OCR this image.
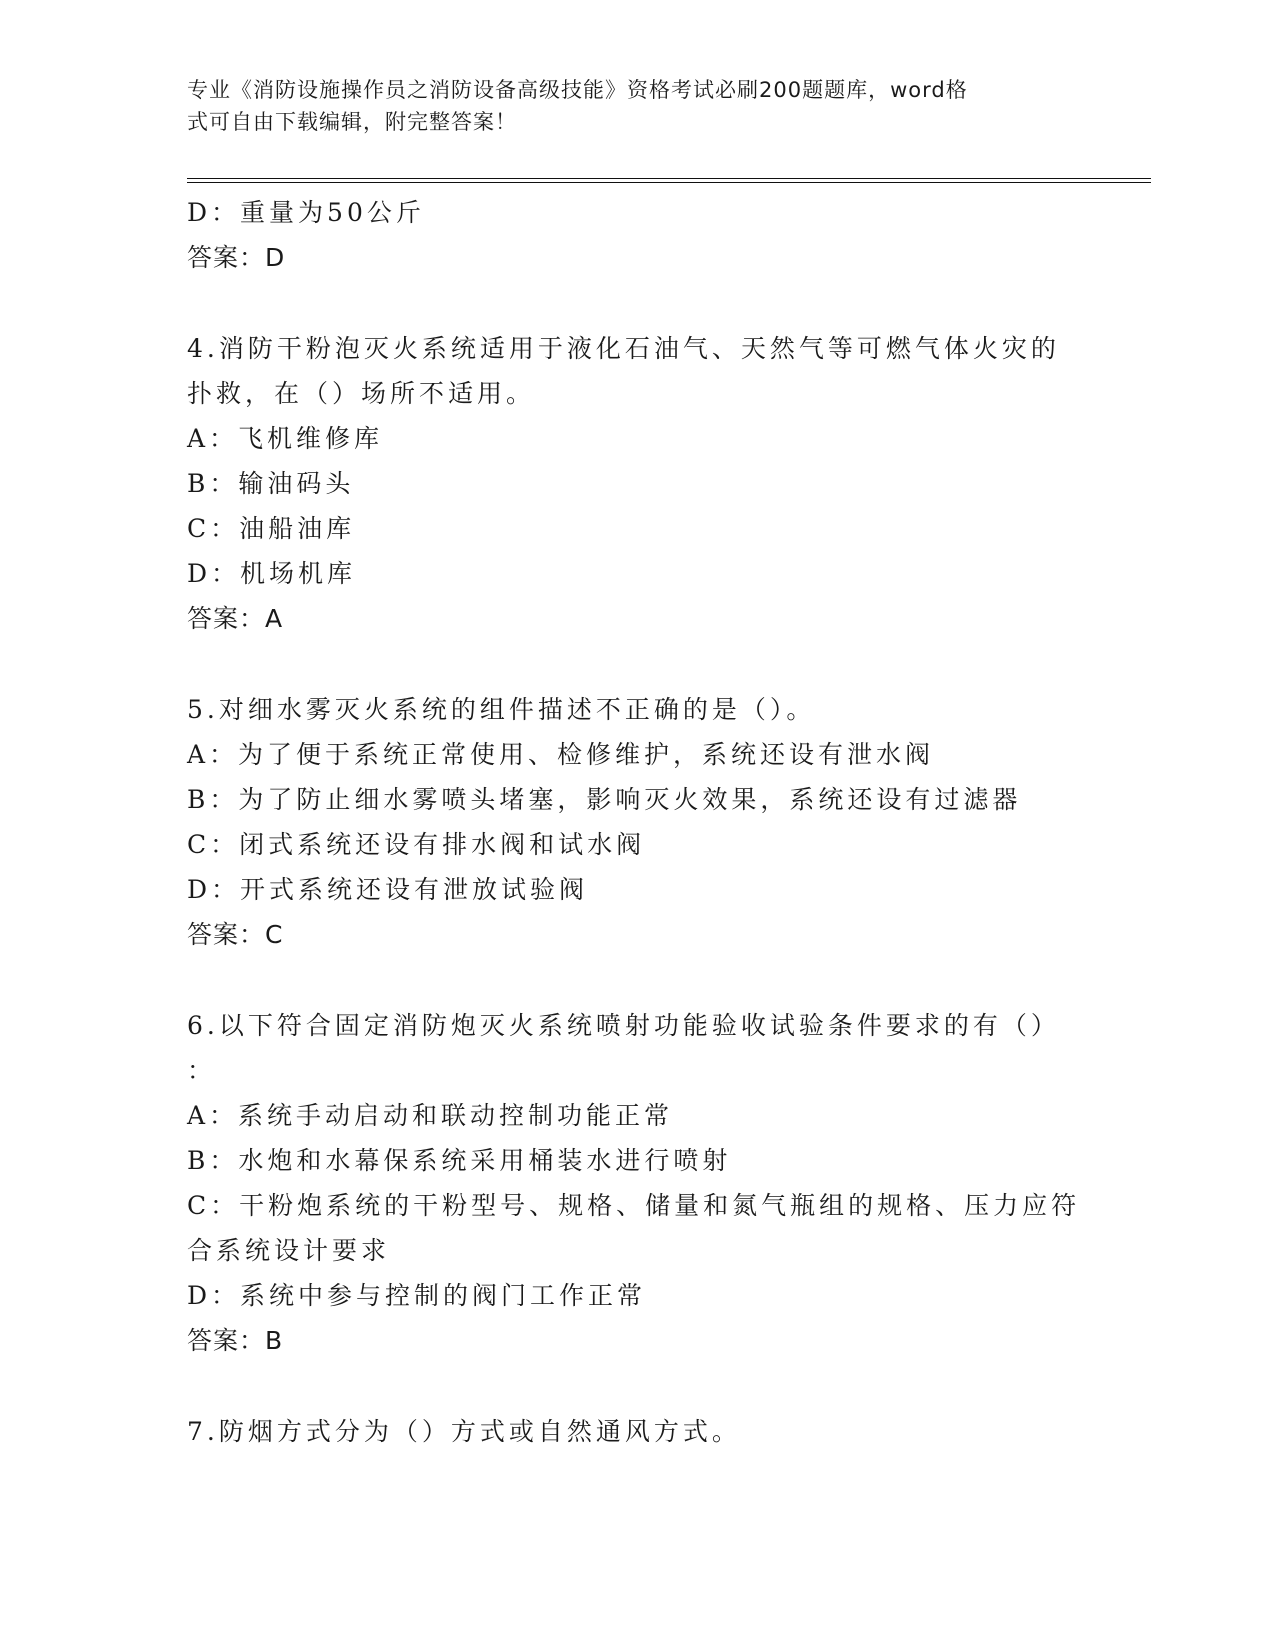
专业《消防设施操作员之消防设备高级技能》资格考试必刷200题题库，word格
式可自由下载编辑，附完整答案！
D：重量为50公斤
答案：D
4.消防干粉泡灭火系统适用于液化石油气、天然气等可燃气体火灾的
扑救，在（）场所不适用。
A：飞机维修库
B：输油码头
C：油船油库
D：机场机库
答案：A
5.对细水雾灭火系统的组件描述不正确的是（）。
A：为了便于系统正常使用、检修维护，系统还设有泄水阀
B：为了防止细水雾喷头堵塞，影响灭火效果，系统还设有过滤器
C：闭式系统还设有排水阀和试水阀
D：开式系统还设有泄放试验阀
答案：C
6.以下符合固定消防炮灭火系统喷射功能验收试验条件要求的有（）
：
A：系统手动启动和联动控制功能正常
B：水炮和水幕保系统采用桶装水进行喷射
C：干粉炮系统的干粉型号、规格、储量和氮气瓶组的规格、压力应符
合系统设计要求
D：系统中参与控制的阀门工作正常
答案：B
7.防烟方式分为（）方式或自然通风方式。
